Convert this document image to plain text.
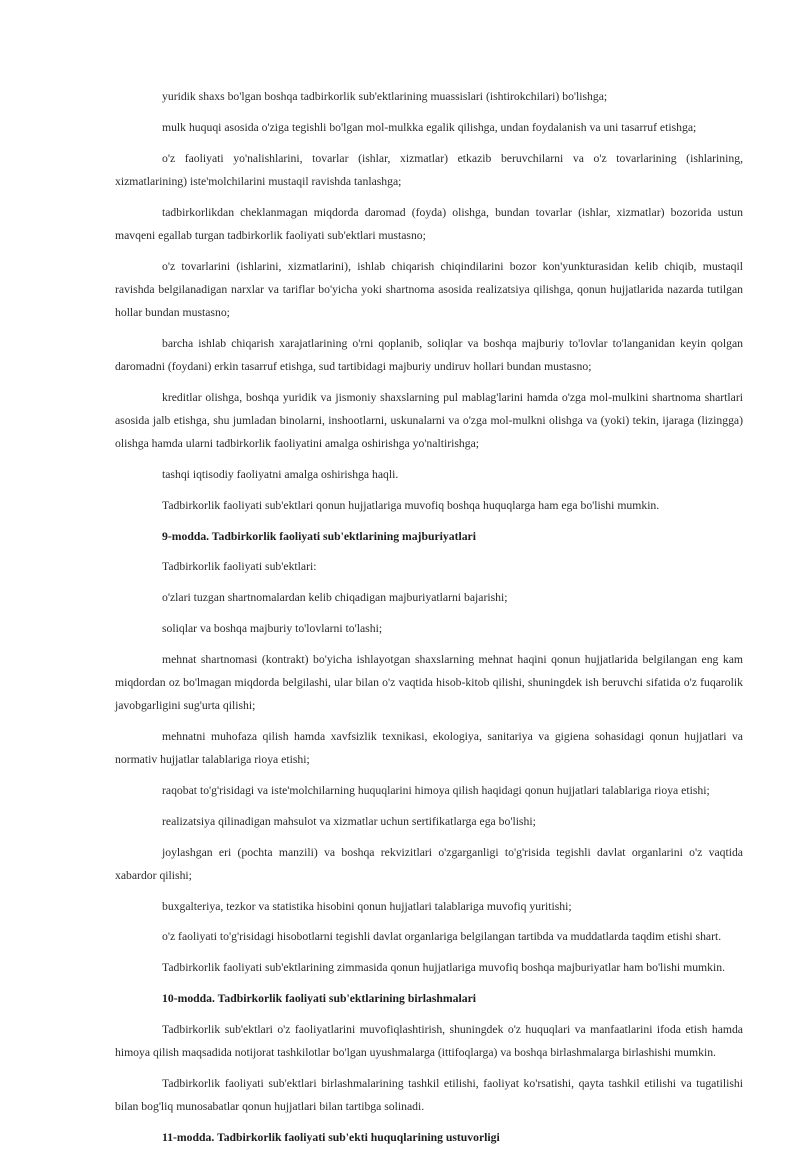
yuridik shaxs bo'lgan boshqa tadbirkorlik sub'ektlarining muassislari (ishtirokchilari) bo'lishga;

mulk huquqi asosida o'ziga tegishli bo'lgan mol-mulkka egalik qilishga, undan foydalanish va uni tasarruf etishga;

o'z faoliyati yo'nalishlarini, tovarlar (ishlar, xizmatlar) etkazib beruvchilarni va o'z tovarlarining (ishlarining, xizmatlarining) iste'molchilarini mustaqil ravishda tanlashga;

tadbirkorlikdan cheklanmagan miqdorda daromad (foyda) olishga, bundan tovarlar (ishlar, xizmatlar) bozorida ustun mavqeni egallab turgan tadbirkorlik faoliyati sub'ektlari mustasno;

o'z tovarlarini (ishlarini, xizmatlarini), ishlab chiqarish chiqindilarini bozor kon'yunkturasidan kelib chiqib, mustaqil ravishda belgilanadigan narxlar va tariflar bo'yicha yoki shartnoma asosida realizatsiya qilishga, qonun hujjatlarida nazarda tutilgan hollar bundan mustasno;

barcha ishlab chiqarish xarajatlarining o'rni qoplanib, soliqlar va boshqa majburiy to'lovlar to'langanidan keyin qolgan daromadni (foydani) erkin tasarruf etishga, sud tartibidagi majburiy undiruv hollari bundan mustasno;

kreditlar olishga, boshqa yuridik va jismoniy shaxslarning pul mablag'larini hamda o'zga mol-mulkini shartnoma shartlari asosida jalb etishga, shu jumladan binolarni, inshootlarni, uskunalarni va o'zga mol-mulkni olishga va (yoki) tekin, ijaraga (lizingga) olishga hamda ularni tadbirkorlik faoliyatini amalga oshirishga yo'naltirishga;

tashqi iqtisodiy faoliyatni amalga oshirishga haqli.

Tadbirkorlik faoliyati sub'ektlari qonun hujjatlariga muvofiq boshqa huquqlarga ham ega bo'lishi mumkin.

9-modda. Tadbirkorlik faoliyati sub'ektlarining majburiyatlari

Tadbirkorlik faoliyati sub'ektlari:

o'zlari tuzgan shartnomalardan kelib chiqadigan majburiyatlarni bajarishi;

soliqlar va boshqa majburiy to'lovlarni to'lashi;

mehnat shartnomasi (kontrakt) bo'yicha ishlayotgan shaxslarning mehnat haqini qonun hujjatlarida belgilangan eng kam miqdordan oz bo'lmagan miqdorda belgilashi, ular bilan o'z vaqtida hisob-kitob qilishi, shuningdek ish beruvchi sifatida o'z fuqarolik javobgarligini sug'urta qilishi;

mehnatni muhofaza qilish hamda xavfsizlik texnikasi, ekologiya, sanitariya va gigiena sohasidagi qonun hujjatlari va normativ hujjatlar talablariga rioya etishi;

raqobat to'g'risidagi va iste'molchilarning huquqlarini himoya qilish haqidagi qonun hujjatlari talablariga rioya etishi;

realizatsiya qilinadigan mahsulot va xizmatlar uchun sertifikatlarga ega bo'lishi;

joylashgan eri (pochta manzili) va boshqa rekvizitlari o'zgarganligi to'g'risida tegishli davlat organlarini o'z vaqtida xabardor qilishi;

buxgalteriya, tezkor va statistika hisobini qonun hujjatlari talablariga muvofiq yuritishi;

o'z faoliyati to'g'risidagi hisobotlarni tegishli davlat organlariga belgilangan tartibda va muddatlarda taqdim etishi shart.

Tadbirkorlik faoliyati sub'ektlarining zimmasida qonun hujjatlariga muvofiq boshqa majburiyatlar ham bo'lishi mumkin.

10-modda. Tadbirkorlik faoliyati sub'ektlarining birlashmalari

Tadbirkorlik sub'ektlari o'z faoliyatlarini muvofiqlashtirish, shuningdek o'z huquqlari va manfaatlarini ifoda etish hamda himoya qilish maqsadida notijorat tashkilotlar bo'lgan uyushmalarga (ittifoqlarga) va boshqa birlashmalarga birlashishi mumkin.

Tadbirkorlik faoliyati sub'ektlari birlashmalarining tashkil etilishi, faoliyat ko'rsatishi, qayta tashkil etilishi va tugatilishi bilan bog'liq munosabatlar qonun hujjatlari bilan tartibga solinadi.

11-modda. Tadbirkorlik faoliyati sub'ekti huquqlarining ustuvorligi
